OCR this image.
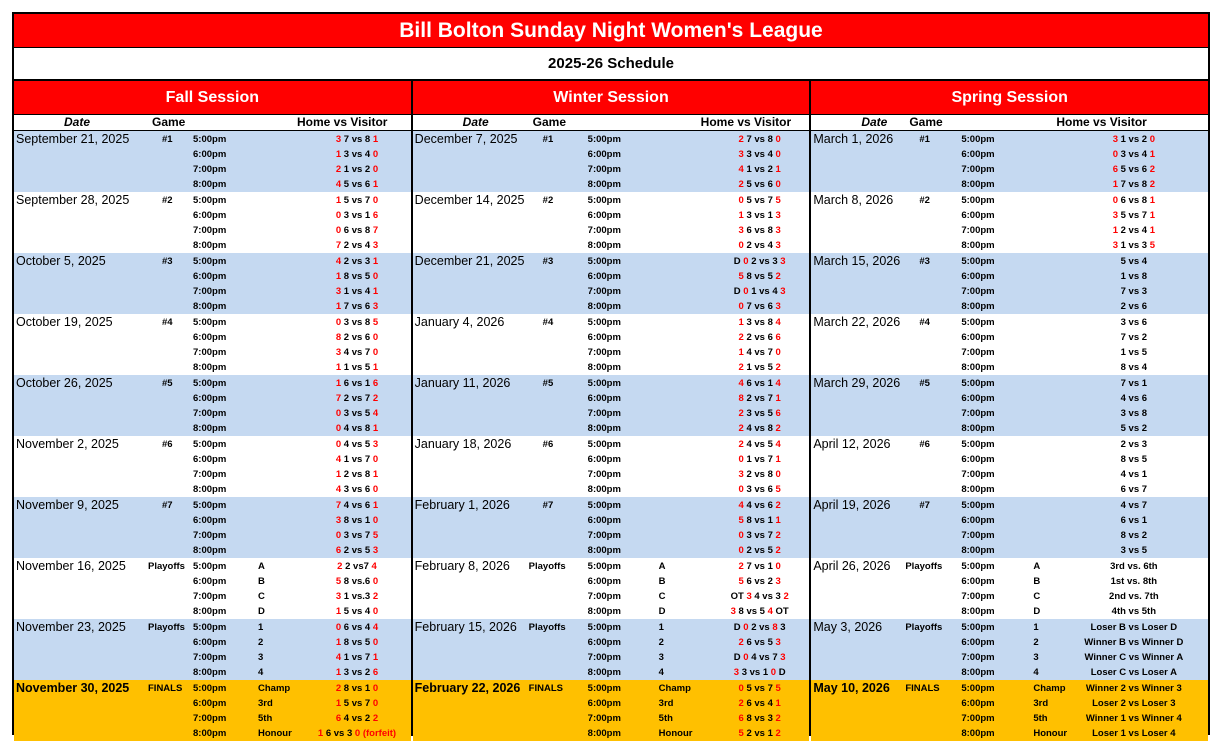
Bill Bolton Sunday Night Women's League
2025-26 Schedule
Fall Session
Date	Game	Home vs Visitor
September 21, 2025	#1 5:00pm	3 7 vs 8 1
6:00pm	1 3 vs 4 0
7:00pm	2 1 vs 2 0
8:00pm	4 5 vs 6 1
September 28, 2025	#2 5:00pm	1 5 vs 7 0
6:00pm	0 3 vs 1 6
7:00pm	0 6 vs 8 7
8:00pm	7 2 vs 4 3
October 5, 2025	#3 5:00pm	4 2 vs 3 1
6:00pm	1 8 vs 5 0
7:00pm	3 1 vs 4 1
8:00pm	1 7 vs 6 3
October 19, 2025	#4 5:00pm	0 3 vs 8 5
6:00pm	8 2 vs 6 0
7:00pm	3 4 vs 7 0
8:00pm	1 1 vs 5 1
October 26, 2025	#5 5:00pm	1 6 vs 1 6
6:00pm	7 2 vs 7 2
7:00pm	0 3 vs 5 4
8:00pm	0 4 vs 8 1
November 2, 2025	#6 5:00pm	0 4 vs 5 3
6:00pm	4 1 vs 7 0
7:00pm	1 2 vs 8 1
8:00pm	4 3 vs 6 0
November 9, 2025	#7 5:00pm	7 4 vs 6 1
6:00pm	3 8 vs 1 0
7:00pm	0 3 vs 7 5
8:00pm	6 2 vs 5 3
November 16, 2025 Playoffs 5:00pm	A	2 2 vs7 4
6:00pm	B	5 8 vs.6 0
7:00pm	C	3 1 vs.3 2
8:00pm	D	1 5 vs 4 0
November 23, 2025 Playoffs 5:00pm	1	0 6 vs 4 4
6:00pm	2	1 8 vs 5 0
7:00pm	3	4 1 vs 7 1
8:00pm	4	1 3 vs 2 6
November 30, 2025 FINALS 5:00pm	Champ	2 8 vs 1 0
6:00pm	3rd	1 5 vs 7 0
7:00pm	5th	6 4 vs 2 2
8:00pm	Honour	1 6 vs 3 0 (forfeit)
Winter Session
Date	Game	Home vs Visitor
December 7, 2025	#1	5:00pm	2 7 vs 8 0
6:00pm	3 3 vs 4 0
7:00pm	4 1 vs 2 1
8:00pm	2 5 vs 6 0
December 14, 2025 #2	5:00pm	0 5 vs 7 5
6:00pm	1 3 vs 1 3
7:00pm	3 6 vs 8 3
8:00pm	0 2 vs 4 3
December 21, 2025 #3	5:00pm	D 0 2 vs 3 3
6:00pm	5 8 vs 5 2
7:00pm	D 0 1 vs 4 3
8:00pm	0 7 vs 6 3
January 4, 2026	#4	5:00pm	1 3 vs 8 4
6:00pm	2 2 vs 6 6
7:00pm	1 4 vs 7 0
8:00pm	2 1 vs 5 2
January 11, 2026	#5	5:00pm	4 6 vs 1 4
6:00pm	8 2 vs 7 1
7:00pm	2 3 vs 5 6
8:00pm	2 4 vs 8 2
January 18, 2026	#6	5:00pm	2 4 vs 5 4
6:00pm	0 1 vs 7 1
7:00pm	3 2 vs 8 0
8:00pm	0 3 vs 6 5
February 1, 2026	#7	5:00pm	4 4 vs 6 2
6:00pm	5 8 vs 1 1
7:00pm	0 3 vs 7 2
8:00pm	0 2 vs 5 2
February 8, 2026 Playoffs 5:00pm	A	2 7 vs 1 0
6:00pm	B	5 6 vs 2 3
7:00pm	C	OT 3 4 vs 3 2
8:00pm	D	3 8 vs 5 4 OT
February 15, 2026 Playoffs 5:00pm	1	D 0 2 vs 8 3
6:00pm	2	2 6 vs 5 3
7:00pm	3	D 0 4 vs 7 3
8:00pm	4	3 3 vs 1 0 D
February 22, 2026 FINALS	5:00pm	Champ	0 5 vs 7 5
6:00pm	3rd	2 6 vs 4 1
7:00pm	5th	6 8 vs 3 2
8:00pm	Honour	5 2 vs 1 2
Spring Session
Date Game	Home vs Visitor
March 1, 2026	#1	5:00pm	3 1 vs 2 0
6:00pm	0 3 vs 4 1
7:00pm	6 5 vs 6 2
8:00pm	1 7 vs 8 2
March 8, 2026	#2	5:00pm	0 6 vs 8 1
6:00pm	3 5 vs 7 1
7:00pm	1 2 vs 4 1
8:00pm	3 1 vs 3 5
March 15, 2026 #3	5:00pm	5 vs 4
6:00pm	1 vs 8
7:00pm	7 vs 3
8:00pm	2 vs 6
March 22, 2026 #4	5:00pm	3 vs 6
6:00pm	7 vs 2
7:00pm	1 vs 5
8:00pm	8 vs 4
March 29, 2026 #5	5:00pm	7 vs 1
6:00pm	4 vs 6
7:00pm	3 vs 8
8:00pm	5 vs 2
April 12, 2026	#6	5:00pm	2 vs 3
6:00pm	8 vs 5
7:00pm	4 vs 1
8:00pm	6 vs 7
April 19, 2026	#7	5:00pm	4 vs 7
6:00pm	6 vs 1
7:00pm	8 vs 2
8:00pm	3 vs 5
April 26, 2026 Playoffs 5:00pm	A	3rd vs. 6th
6:00pm	B	1st vs. 8th
7:00pm	C	2nd vs. 7th
8:00pm	D	4th vs 5th
May 3, 2026 Playoffs 5:00pm	1	Loser B vs Loser D
6:00pm	2	Winner B vs Winner D
7:00pm	3	Winner C vs Winner A
8:00pm	4	Loser C vs Loser A
May 10, 2026 FINALS 5:00pm	Champ	Winner 2 vs Winner 3
6:00pm	3rd	Loser 2 vs Loser 3
7:00pm	5th	Winner 1 vs Winner 4
8:00pm	Honour	Loser 1 vs Loser 4
